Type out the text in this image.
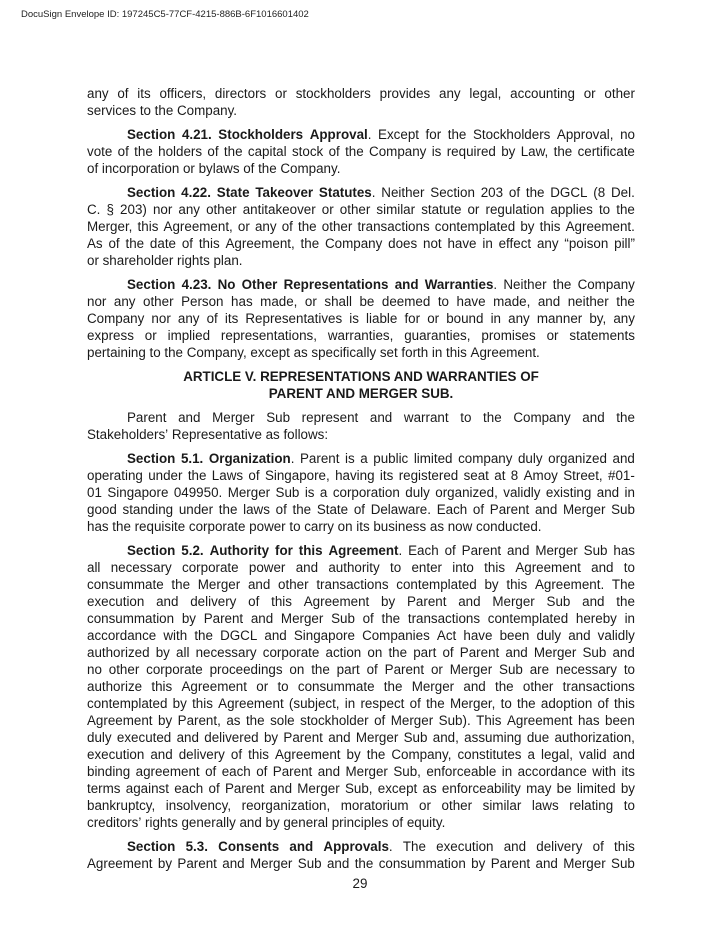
DocuSign Envelope ID: 197245C5-77CF-4215-886B-6F1016601402
any of its officers, directors or stockholders provides any legal, accounting or other
services to the Company.
Section 4.21. Stockholders Approval. Except for the Stockholders Approval, no
vote of the holders of the capital stock of the Company is required by Law, the certificate
of incorporation or bylaws of the Company.
Section 4.22. State Takeover Statutes. Neither Section 203 of the DGCL (8 Del.
C. § 203) nor any other antitakeover or other similar statute or regulation applies to the
Merger, this Agreement, or any of the other transactions contemplated by this Agreement.
As of the date of this Agreement, the Company does not have in effect any “poison pill”
or shareholder rights plan.
Section 4.23. No Other Representations and Warranties. Neither the Company
nor any other Person has made, or shall be deemed to have made, and neither the
Company nor any of its Representatives is liable for or bound in any manner by, any
express or implied representations, warranties, guaranties, promises or statements
pertaining to the Company, except as specifically set forth in this Agreement.
ARTICLE V. REPRESENTATIONS AND WARRANTIES OF
PARENT AND MERGER SUB.
Parent and Merger Sub represent and warrant to the Company and the
Stakeholders’ Representative as follows:
Section 5.1. Organization. Parent is a public limited company duly organized and
operating under the Laws of Singapore, having its registered seat at 8 Amoy Street, #01-
01 Singapore 049950. Merger Sub is a corporation duly organized, validly existing and in
good standing under the laws of the State of Delaware. Each of Parent and Merger Sub
has the requisite corporate power to carry on its business as now conducted.
Section 5.2. Authority for this Agreement. Each of Parent and Merger Sub has
all necessary corporate power and authority to enter into this Agreement and to
consummate the Merger and other transactions contemplated by this Agreement. The
execution and delivery of this Agreement by Parent and Merger Sub and the
consummation by Parent and Merger Sub of the transactions contemplated hereby in
accordance with the DGCL and Singapore Companies Act have been duly and validly
authorized by all necessary corporate action on the part of Parent and Merger Sub and
no other corporate proceedings on the part of Parent or Merger Sub are necessary to
authorize this Agreement or to consummate the Merger and the other transactions
contemplated by this Agreement (subject, in respect of the Merger, to the adoption of this
Agreement by Parent, as the sole stockholder of Merger Sub). This Agreement has been
duly executed and delivered by Parent and Merger Sub and, assuming due authorization,
execution and delivery of this Agreement by the Company, constitutes a legal, valid and
binding agreement of each of Parent and Merger Sub, enforceable in accordance with its
terms against each of Parent and Merger Sub, except as enforceability may be limited by
bankruptcy, insolvency, reorganization, moratorium or other similar laws relating to
creditors’ rights generally and by general principles of equity.
Section 5.3. Consents and Approvals. The execution and delivery of this
Agreement by Parent and Merger Sub and the consummation by Parent and Merger Sub
29
